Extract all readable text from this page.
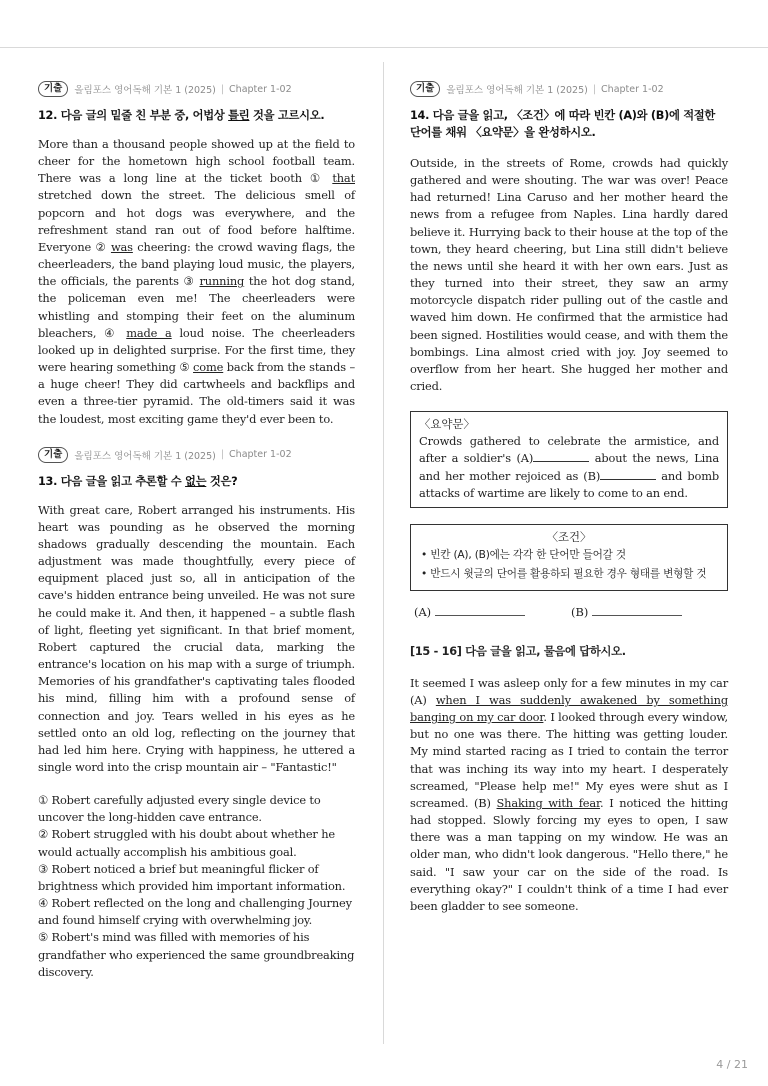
기출	올림포스 영어독해 기본 1 (2025) | Chapter 1-02
12. 다음 글의 밑줄 친 부분 중, 어법상 틀린 것을 고르시오.

More than a thousand people showed up at the field to cheer for the hometown high school football team. There was a long line at the ticket booth ① that stretched down the street. The delicious smell of popcorn and hot dogs was everywhere, and the refreshment stand ran out of food before halftime. Everyone ② was cheering: the crowd waving flags, the cheerleaders, the band playing loud music, the players, the officials, the parents ③ running the hot dog stand, the policeman even me! The cheerleaders were whistling and stomping their feet on the aluminum bleachers, ④ made a loud noise. The cheerleaders looked up in delighted surprise. For the first time, they were hearing something ⑤ come back from the stands – a huge cheer! They did cartwheels and backflips and even a three-tier pyramid. The old-timers said it was the loudest, most exciting game they'd ever been to.

기출	올림포스 영어독해 기본 1 (2025) | Chapter 1-02
13. 다음 글을 읽고 추론할 수 없는 것은?

With great care, Robert arranged his instruments. His heart was pounding as he observed the morning shadows gradually descending the mountain. Each adjustment was made thoughtfully, every piece of equipment placed just so, all in anticipation of the cave's hidden entrance being unveiled. He was not sure he could make it. And then, it happened – a subtle flash of light, fleeting yet significant. In that brief moment, Robert captured the crucial data, marking the entrance's location on his map with a surge of triumph. Memories of his grandfather's captivating tales flooded his mind, filling him with a profound sense of connection and joy. Tears welled in his eyes as he settled onto an old log, reflecting on the journey that had led him here. Crying with happiness, he uttered a single word into the crisp mountain air – "Fantastic!"

① Robert carefully adjusted every single device to uncover the long-hidden cave entrance.
② Robert struggled with his doubt about whether he would actually accomplish his ambitious goal.
③ Robert noticed a brief but meaningful flicker of brightness which provided him important information.
④ Robert reflected on the long and challenging Journey and found himself crying with overwhelming joy.
⑤ Robert's mind was filled with memories of his grandfather who experienced the same groundbreaking discovery.
기출	올림포스 영어독해 기본 1 (2025) | Chapter 1-02
14. 다음 글을 읽고, 〈조건〉에 따라 빈칸 (A)와 (B)에 적절한 단어를 채워 〈요약문〉을 완성하시오.

Outside, in the streets of Rome, crowds had quickly gathered and were shouting. The war was over! Peace had returned! Lina Caruso and her mother heard the news from a refugee from Naples. Lina hardly dared believe it. Hurrying back to their house at the top of the town, they heard cheering, but Lina still didn't believe the news until she heard it with her own ears. Just as they turned into their street, they saw an army motorcycle dispatch rider pulling out of the castle and waved him down. He confirmed that the armistice had been signed. Hostilities would cease, and with them the bombings. Lina almost cried with joy. Joy seemed to overflow from her heart. She hugged her mother and cried.

〈요약문〉
Crowds gathered to celebrate the armistice, and after a soldier's (A)	about the news, Lina and her mother rejoiced as (B)	and bomb attacks of wartime are likely to come to an end.
〈조건〉
• 빈칸 (A), (B)에는 각각 한 단어만 들어갈 것
• 반드시 윗글의 단어를 활용하되 필요한 경우 형태를 변형할 것
(A)	(B)
[15 - 16] 다음 글을 읽고, 물음에 답하시오.

It seemed I was asleep only for a few minutes in my car (A) when I was suddenly awakened by something banging on my car door. I looked through every window, but no one was there. The hitting was getting louder. My mind started racing as I tried to contain the terror that was inching its way into my heart. I desperately screamed, "Please help me!" My eyes were shut as I screamed. (B) Shaking with fear. I noticed the hitting had stopped. Slowly forcing my eyes to open, I saw there was a man tapping on my window. He was an older man, who didn't look dangerous. "Hello there," he said. "I saw your car on the side of the road. Is everything okay?" I couldn't think of a time I had ever been gladder to see someone.

4 / 21
